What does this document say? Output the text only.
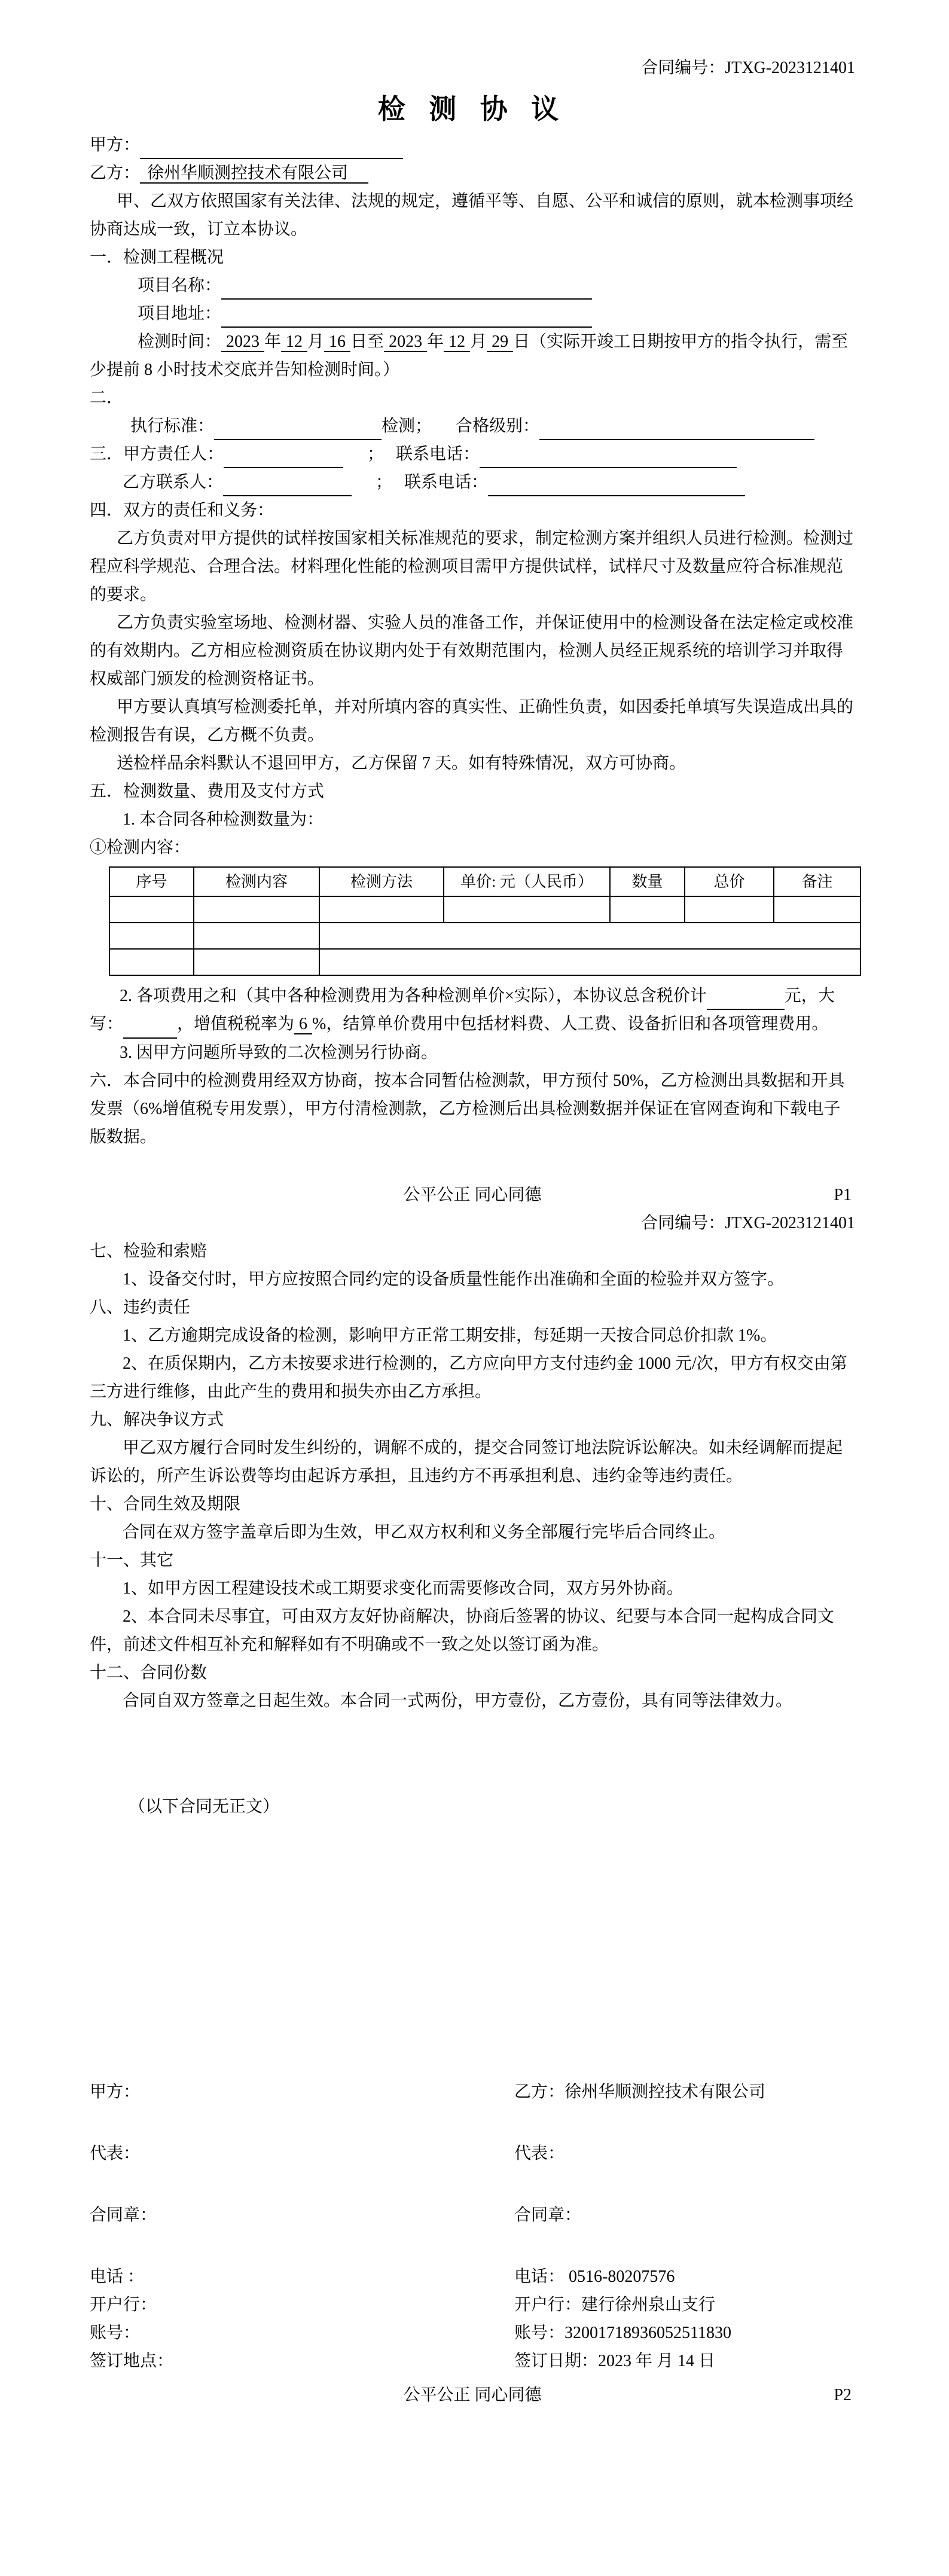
合同编号：JTXG-2023121401
检 测 协 议
甲方：
乙方： 徐州华顺测控技术有限公司

甲、乙双方依照国家有关法律、法规的规定，遵循平等、自愿、公平和诚信的原则，就本检测事项经协商达成一致，订立本协议。

一．检测工程概况
项目名称：
项目地址：

检测时间： 2023 年 12 月 16 日至 2023 年 12 月 29 日（实际开竣工日期按甲方的指令执行，需至少提前 8 小时技术交底并告知检测时间。）

二．
执行标准：	检测； 合格级别：
三．甲方责任人：	； 联系电话：
乙方联系人：	； 联系电话：
四．双方的责任和义务：

乙方负责对甲方提供的试样按国家相关标准规范的要求，制定检测方案并组织人员进行检测。检测过程应科学规范、合理合法。材料理化性能的检测项目需甲方提供试样，试样尺寸及数量应符合标准规范的要求。

乙方负责实验室场地、检测材器、实验人员的准备工作，并保证使用中的检测设备在法定检定或校准的有效期内。乙方相应检测资质在协议期内处于有效期范围内，检测人员经正规系统的培训学习并取得权威部门颁发的检测资格证书。

甲方要认真填写检测委托单，并对所填内容的真实性、正确性负责，如因委托单填写失误造成出具的检测报告有误，乙方概不负责。

送检样品余料默认不退回甲方，乙方保留 7 天。如有特殊情况，双方可协商。

五．检测数量、费用及支付方式
1. 本合同各种检测数量为：
①检测内容：
序号	检测内容	检测方法	单价: 元（人民币）	数量	总价	备注

2. 各项费用之和（其中各种检测费用为各种检测单价×实际），本协议总含税价计	元，大写：	，增值税税率为 6 %，结算单价费用中包括材料费、人工费、设备折旧和各项管理费用。

3. 因甲方问题所导致的二次检测另行协商。

六．本合同中的检测费用经双方协商，按本合同暂估检测款，甲方预付 50%，乙方检测出具数据和开具发票（6%增值税专用发票），甲方付清检测款，乙方检测后出具检测数据并保证在官网查询和下载电子版数据。

公平公正 同心同德	P1
合同编号：JTXG-2023121401
七、检验和索赔
1、设备交付时，甲方应按照合同约定的设备质量性能作出准确和全面的检验并双方签字。
八、违约责任
1、乙方逾期完成设备的检测，影响甲方正常工期安排，每延期一天按合同总价扣款 1%。

2、在质保期内，乙方未按要求进行检测的，乙方应向甲方支付违约金 1000 元/次，甲方有权交由第三方进行维修，由此产生的费用和损失亦由乙方承担。

九、解决争议方式

甲乙双方履行合同时发生纠纷的，调解不成的，提交合同签订地法院诉讼解决。如未经调解而提起诉讼的，所产生诉讼费等均由起诉方承担，且违约方不再承担利息、违约金等违约责任。

十、合同生效及期限

合同在双方签字盖章后即为生效，甲乙双方权利和义务全部履行完毕后合同终止。

十一、其它
1、如甲方因工程建设技术或工期要求变化而需要修改合同，双方另外协商。

2、本合同未尽事宜，可由双方友好协商解决，协商后签署的协议、纪要与本合同一起构成合同文件，前述文件相互补充和解释如有不明确或不一致之处以签订函为准。

十二、合同份数

合同自双方签章之日起生效。本合同一式两份，甲方壹份，乙方壹份，具有同等法律效力。

（以下合同无正文）
甲方：	乙方：徐州华顺测控技术有限公司
代表：	代表：
合同章：	合同章：
电话 ：	电话： 0516-80207576
开户行：	开户行：建行徐州泉山支行
账号：	账号：32001718936052511830
签订地点：	签订日期：2023 年 月 14 日
公平公正 同心同德	P2
